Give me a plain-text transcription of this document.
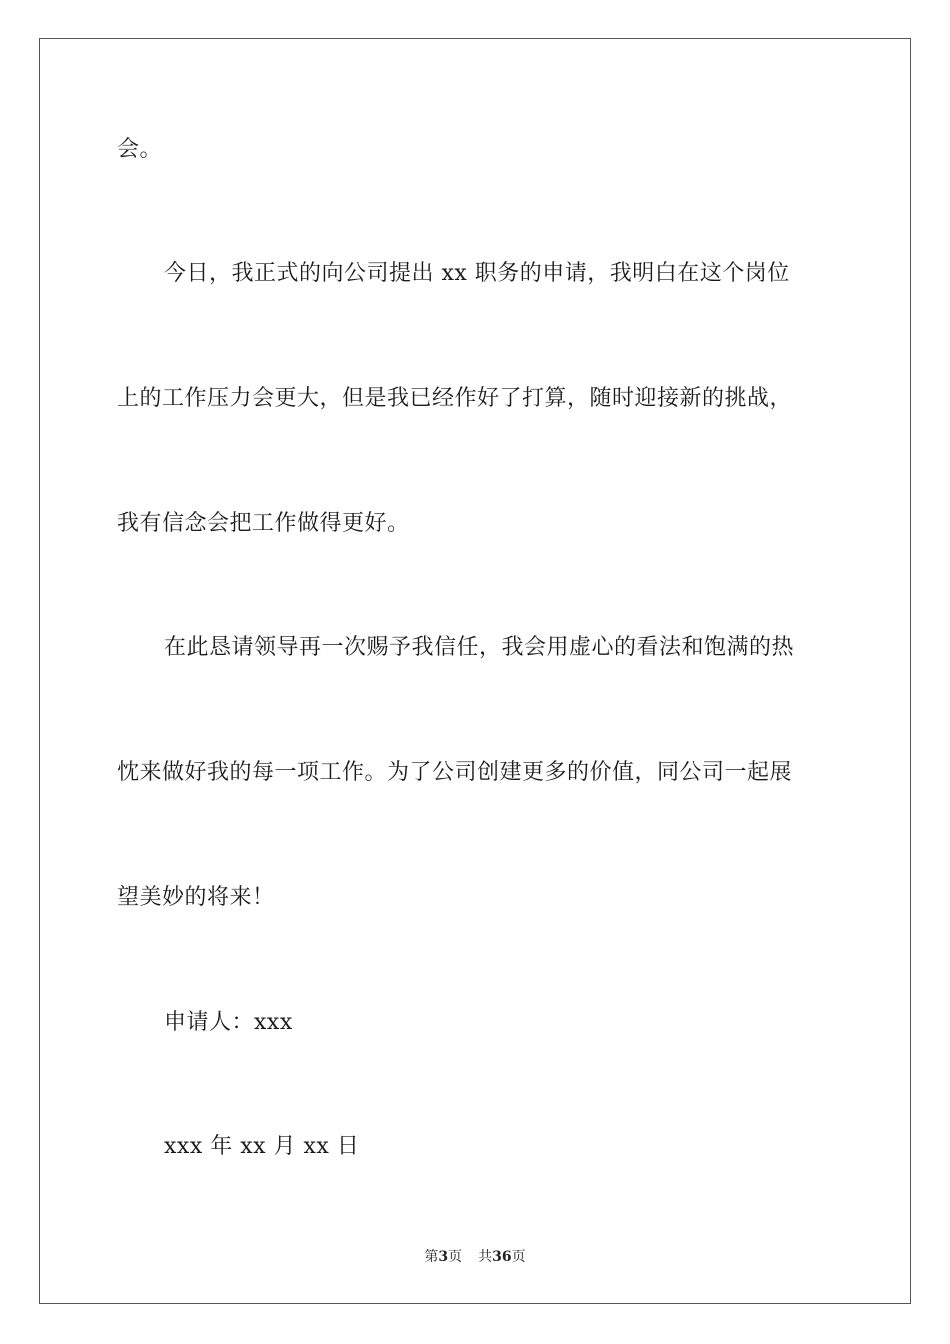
会。
今日，我正式的向公司提出 xx 职务的申请，我明白在这个岗位
上的工作压力会更大，但是我已经作好了打算，随时迎接新的挑战，
我有信念会把工作做得更好。
在此恳请领导再一次赐予我信任，我会用虚心的看法和饱满的热
忱来做好我的每一项工作。为了公司创建更多的价值，同公司一起展
望美妙的将来！
申请人：xxx
xxx 年 xx 月 xx 日
第3页 共36页
